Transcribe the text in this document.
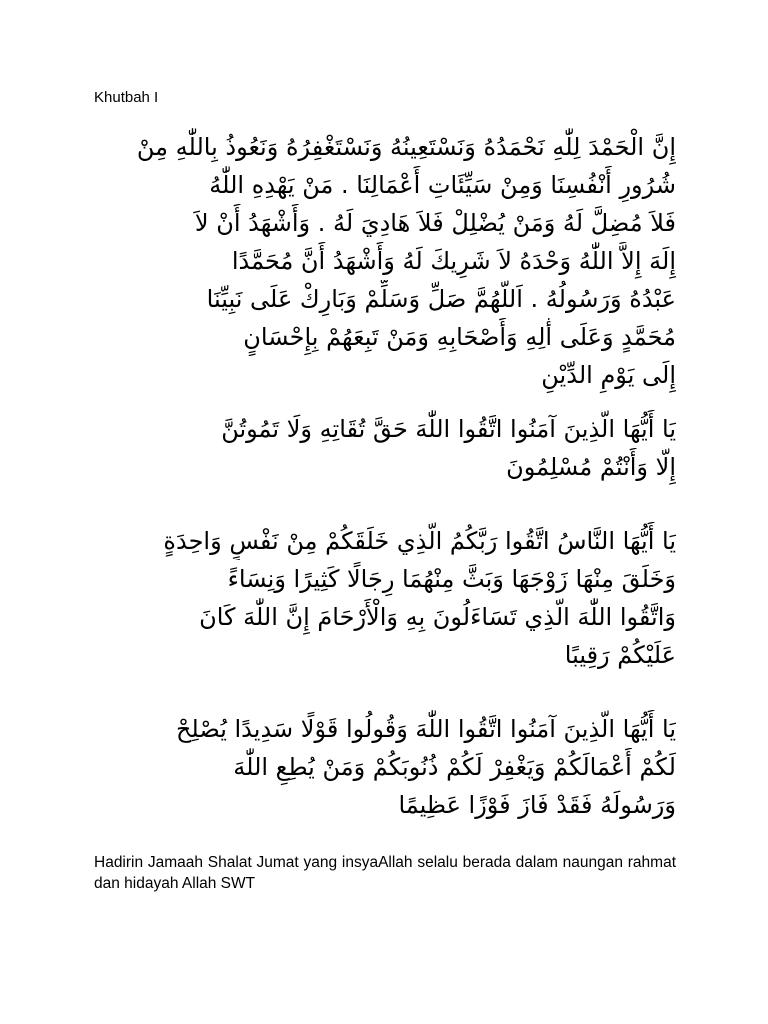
Khutbah I
إِنَّ الْحَمْدَ لِلّٰهِ نَحْمَدُهُ وَنَسْتَعِينُهُ وَنَسْتَغْفِرُهُ وَنَعُوذُ بِاللّٰهِ مِنْ
شُرُورِ أَنْفُسِنَا وَمِنْ سَيِّئَاتِ أَعْمَالِنَا . مَنْ يَهْدِهِ اللّٰهُ
فَلاَ مُضِلَّ لَهُ وَمَنْ يُضْلِلْ فَلاَ هَادِيَ لَهُ . وَأَشْهَدُ أَنْ لاَ
إِلَهَ إِلاَّ اللّٰهُ وَحْدَهُ لاَ شَرِيكَ لَهُ وَأَشْهَدُ أَنَّ مُحَمَّدًا
عَبْدُهُ وَرَسُولُهُ . اَللَّهُمَّ صَلِّ وَسَلِّمْ وَبَارِكْ عَلَى نَبِيِّنَا
مُحَمَّدٍ وَعَلَى أٰلِهِ وَأَصْحَابِهِ وَمَنْ تَبِعَهُمْ بِإِحْسَانٍ
إِلَى يَوْمِ الدِّيْنِ
يَا أَيُّهَا الَّذِينَ آمَنُوا اتَّقُوا اللّٰهَ حَقَّ تُقَاتِهِ وَلَا تَمُوتُنَّ
إِلَّا وَأَنْتُمْ مُسْلِمُونَ
يَا أَيُّهَا النَّاسُ اتَّقُوا رَبَّكُمُ الَّذِي خَلَقَكُمْ مِنْ نَفْسٍ وَاحِدَةٍ
وَخَلَقَ مِنْهَا زَوْجَهَا وَبَثَّ مِنْهُمَا رِجَالًا كَثِيرًا وَنِسَاءً
وَاتَّقُوا اللّٰهَ الَّذِي تَسَاءَلُونَ بِهِ وَالْأَرْحَامَ إِنَّ اللّٰهَ كَانَ
عَلَيْكُمْ رَقِيبًا
يَا أَيُّهَا الَّذِينَ آمَنُوا اتَّقُوا اللّٰهَ وَقُولُوا قَوْلًا سَدِيدًا يُصْلِحْ
لَكُمْ أَعْمَالَكُمْ وَيَغْفِرْ لَكُمْ ذُنُوبَكُمْ وَمَنْ يُطِعِ اللّٰهَ
وَرَسُولَهُ فَقَدْ فَازَ فَوْزًا عَظِيمًا
Hadirin Jamaah Shalat Jumat yang insyaAllah selalu berada dalam naungan rahmat dan hidayah Allah SWT
